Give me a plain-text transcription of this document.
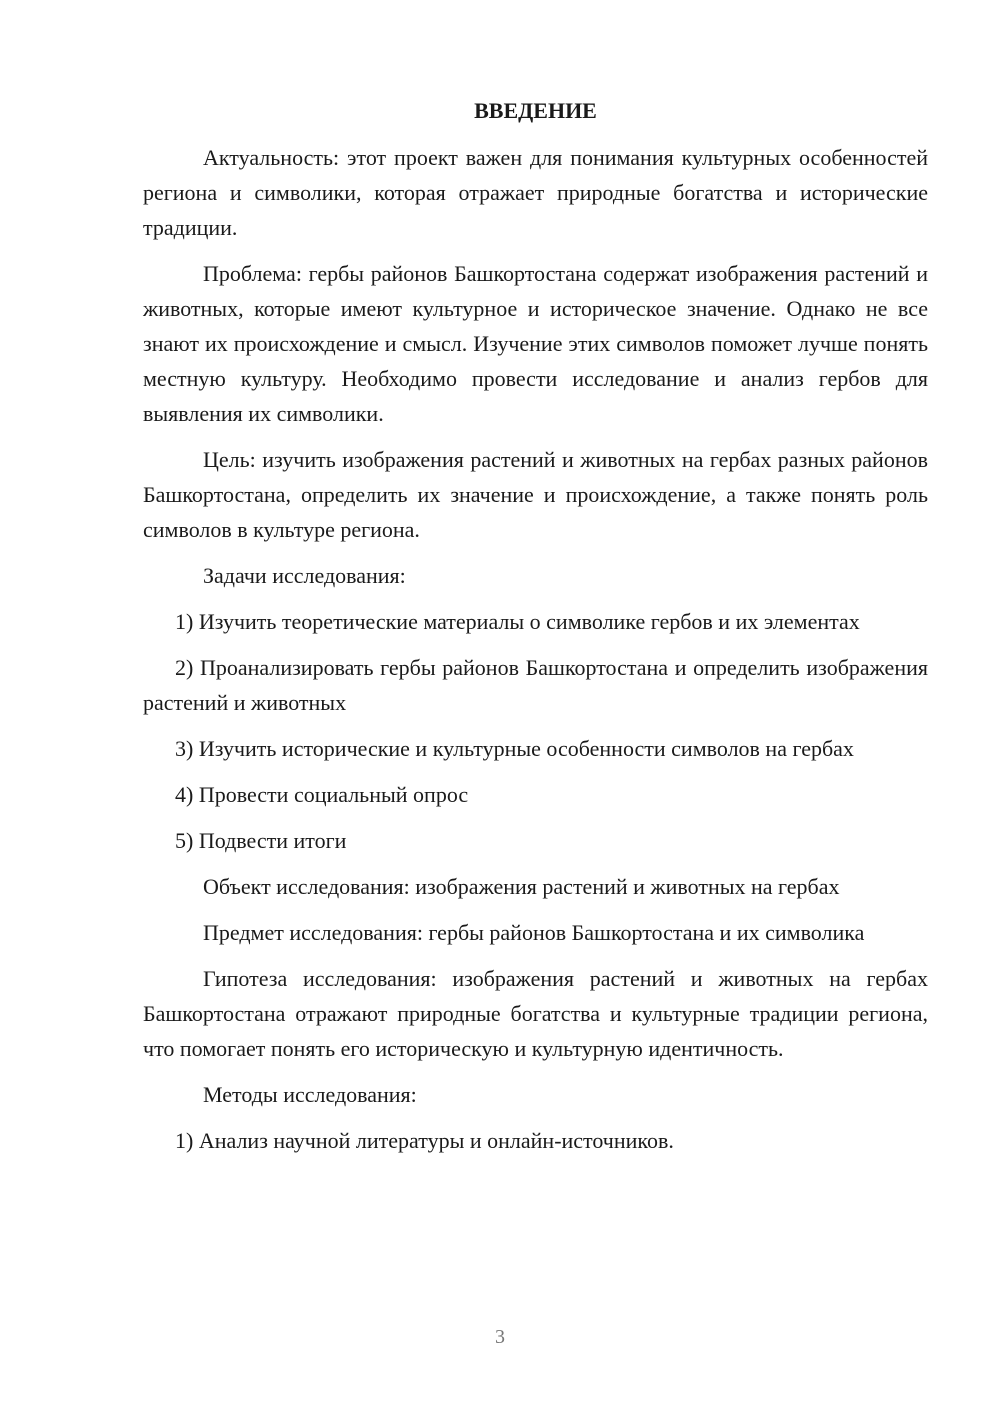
ВВЕДЕНИЕ

Актуальность: этот проект важен для понимания культурных особенностей региона и символики, которая отражает природные богатства и исторические традиции.

Проблема: гербы районов Башкортостана содержат изображения растений и животных, которые имеют культурное и историческое значение. Однако не все знают их происхождение и смысл. Изучение этих символов поможет лучше понять местную культуру. Необходимо провести исследование и анализ гербов для выявления их символики.

Цель: изучить изображения растений и животных на гербах разных районов Башкортостана, определить их значение и происхождение, а также понять роль символов в культуре региона.

Задачи исследования:

1) Изучить теоретические материалы о символике гербов и их элементах

2) Проанализировать гербы районов Башкортостана и определить изображения растений и животных

3) Изучить исторические и культурные особенности символов на гербах

4) Провести социальный опрос

5) Подвести итоги

Объект исследования: изображения растений и животных на гербах

Предмет исследования: гербы районов Башкортостана и их символика

Гипотеза исследования: изображения растений и животных на гербах Башкортостана отражают природные богатства и культурные традиции региона, что помогает понять его историческую и культурную идентичность.

Методы исследования:

1) Анализ научной литературы и онлайн-источников.

3
